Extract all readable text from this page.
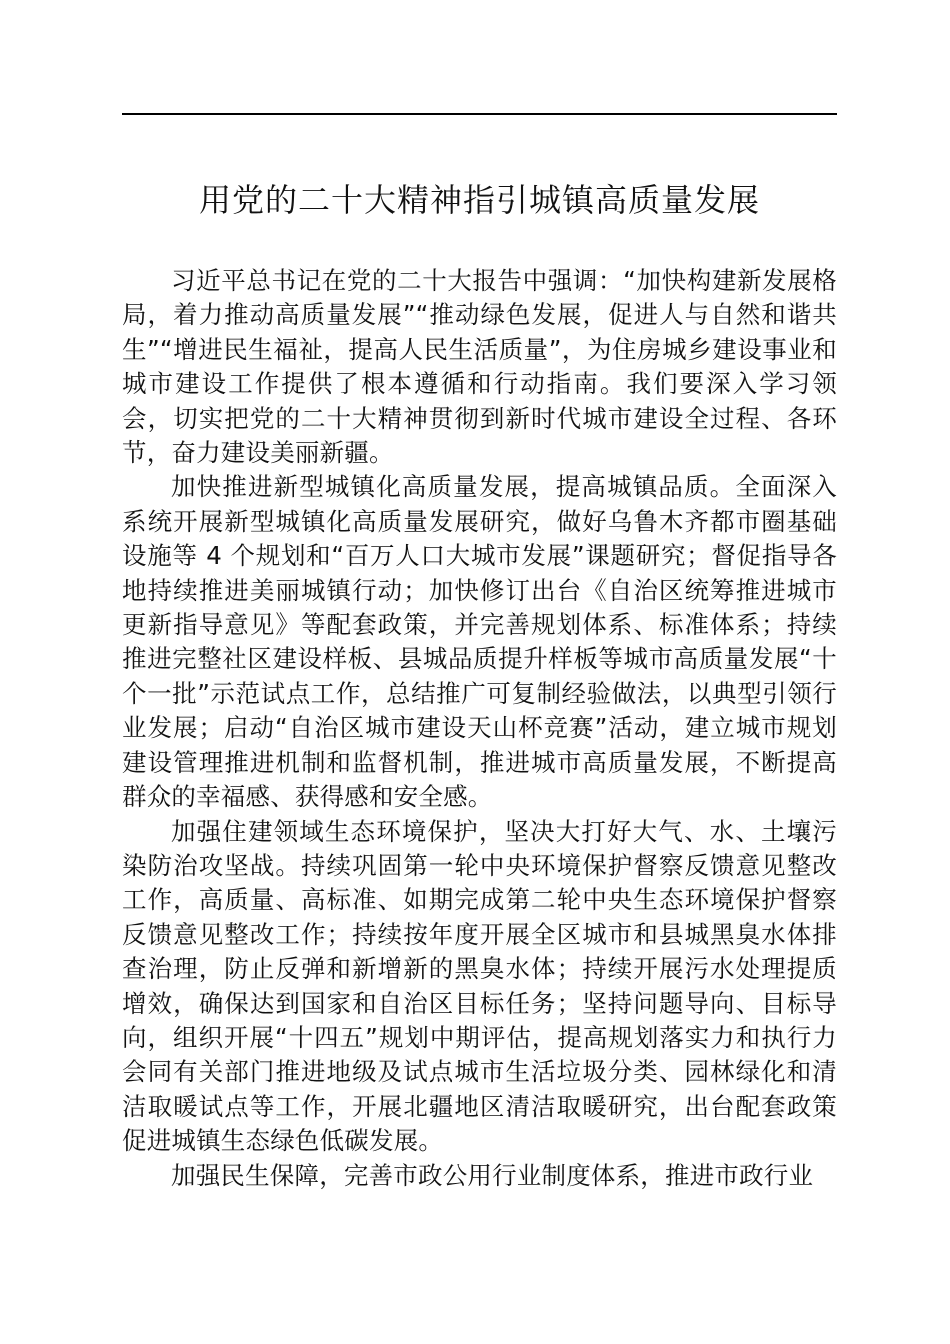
用党的二十大精神指引城镇高质量发展

习近平总书记在党的二十大报告中强调：“加快构建新发展格局，着力推动高质量发展”“推动绿色发展，促进人与自然和谐共生”“增进民生福祉，提高人民生活质量”，为住房城乡建设事业和城市建设工作提供了根本遵循和行动指南。我们要深入学习领会，切实把党的二十大精神贯彻到新时代城市建设全过程、各环节，奋力建设美丽新疆。

加快推进新型城镇化高质量发展，提高城镇品质。全面深入系统开展新型城镇化高质量发展研究，做好乌鲁木齐都市圈基础设施等 4 个规划和“百万人口大城市发展”课题研究；督促指导各地持续推进美丽城镇行动；加快修订出台《自治区统筹推进城市更新指导意见》等配套政策，并完善规划体系、标准体系；持续推进完整社区建设样板、县城品质提升样板等城市高质量发展“十个一批”示范试点工作，总结推广可复制经验做法，以典型引领行业发展；启动“自治区城市建设天山杯竞赛”活动，建立城市规划建设管理推进机制和监督机制，推进城市高质量发展，不断提高群众的幸福感、获得感和安全感。

加强住建领域生态环境保护，坚决大打好大气、水、土壤污染防治攻坚战。持续巩固第一轮中央环境保护督察反馈意见整改工作，高质量、高标准、如期完成第二轮中央生态环境保护督察反馈意见整改工作；持续按年度开展全区城市和县城黑臭水体排查治理，防止反弹和新增新的黑臭水体；持续开展污水处理提质增效，确保达到国家和自治区目标任务；坚持问题导向、目标导向，组织开展“十四五”规划中期评估，提高规划落实力和执行力会同有关部门推进地级及试点城市生活垃圾分类、园林绿化和清洁取暖试点等工作，开展北疆地区清洁取暖研究，出台配套政策促进城镇生态绿色低碳发展。

加强民生保障，完善市政公用行业制度体系，推进市政行业
